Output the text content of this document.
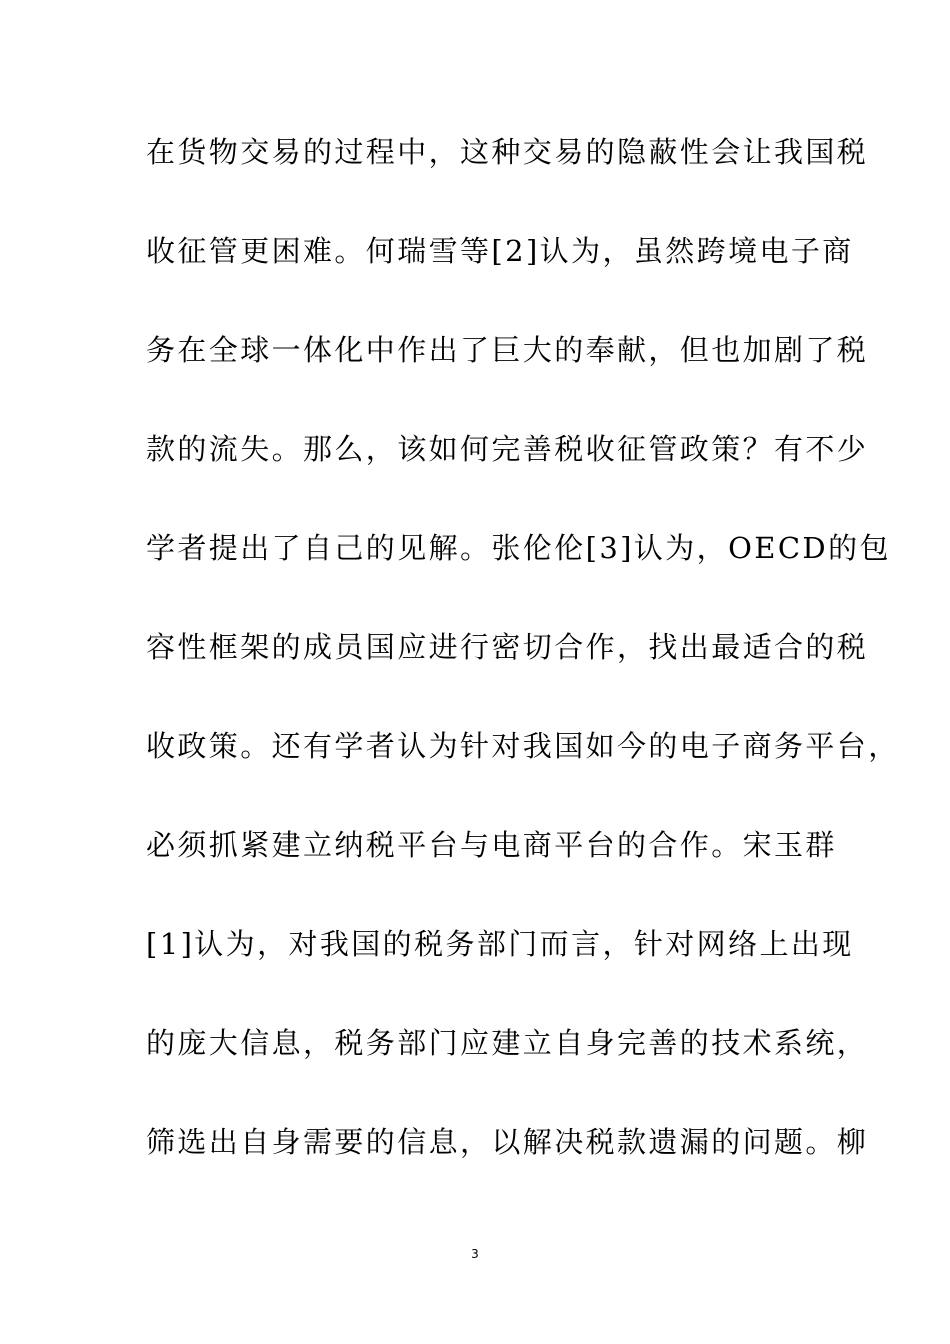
在货物交易的过程中，这种交易的隐蔽性会让我国税
收征管更困难。何瑞雪等[2]认为，虽然跨境电子商
务在全球一体化中作出了巨大的奉献，但也加剧了税
款的流失。那么，该如何完善税收征管政策？有不少
学者提出了自己的见解。张伦伦[3]认为，OECD的包
容性框架的成员国应进行密切合作，找出最适合的税
收政策。还有学者认为针对我国如今的电子商务平台，
必须抓紧建立纳税平台与电商平台的合作。宋玉群
[1]认为，对我国的税务部门而言，针对网络上出现
的庞大信息，税务部门应建立自身完善的技术系统，
筛选出自身需要的信息，以解决税款遗漏的问题。柳
3
